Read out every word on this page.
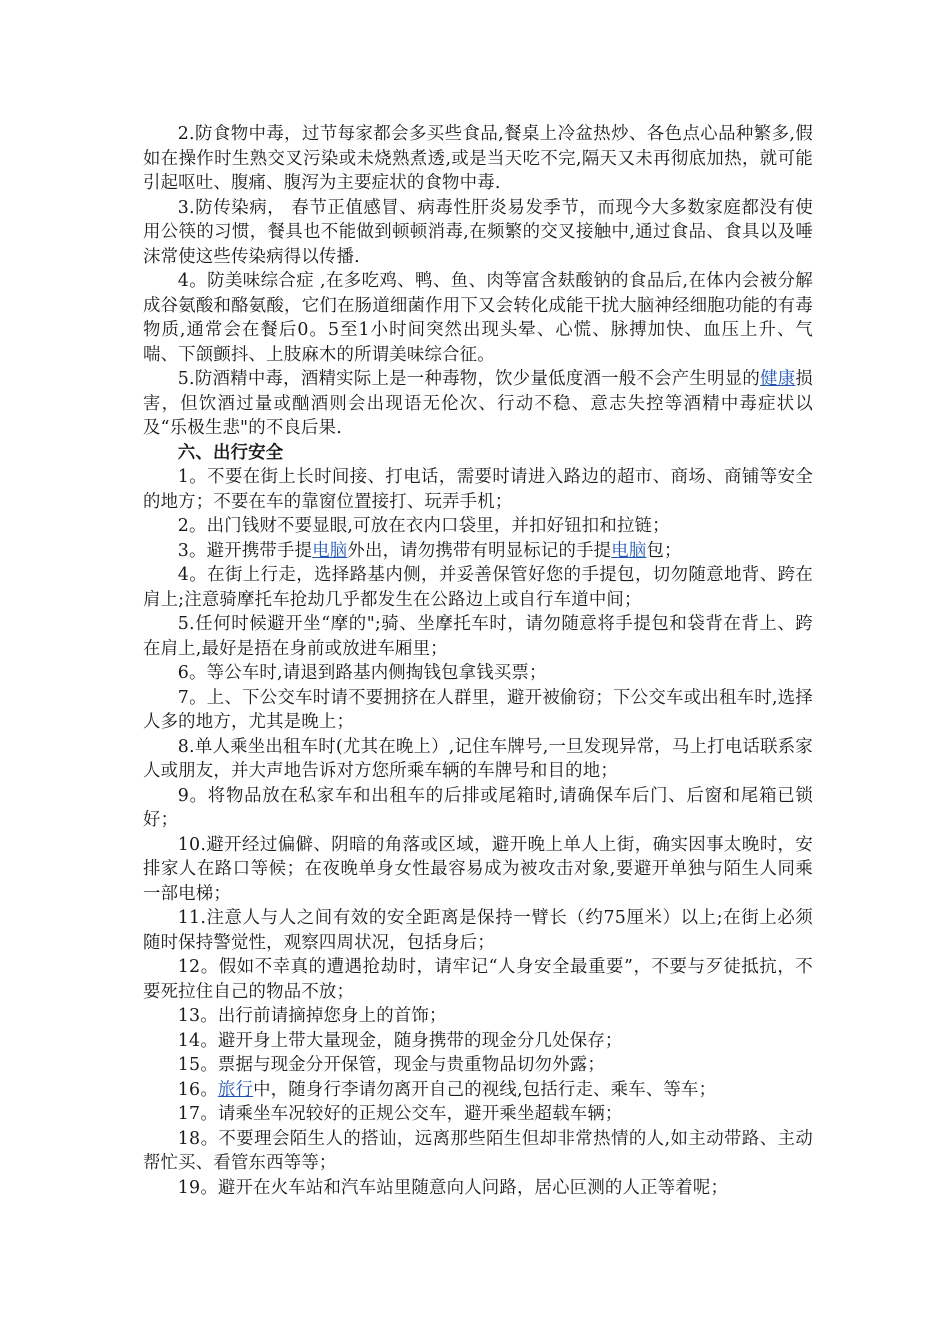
2.防食物中毒，过节每家都会多买些食品,餐桌上冷盆热炒、各色点心品种繁多,假如在操作时生熟交叉污染或未烧熟煮透,或是当天吃不完,隔天又未再彻底加热，就可能引起呕吐、腹痛、腹泻为主要症状的食物中毒.

3.防传染病， 春节正值感冒、病毒性肝炎易发季节，而现今大多数家庭都没有使用公筷的习惯，餐具也不能做到顿顿消毒,在频繁的交叉接触中,通过食品、食具以及唾沫常使这些传染病得以传播.

4。防美味综合症 ,在多吃鸡、鸭、鱼、肉等富含麸酸钠的食品后,在体内会被分解成谷氨酸和酪氨酸，它们在肠道细菌作用下又会转化成能干扰大脑神经细胞功能的有毒物质,通常会在餐后0。5至1小时间突然出现头晕、心慌、脉搏加快、血压上升、气喘、下颌颤抖、上肢麻木的所谓美味综合征。

5.防酒精中毒，酒精实际上是一种毒物，饮少量低度酒一般不会产生明显的健康损害，但饮酒过量或酗酒则会出现语无伦次、行动不稳、意志失控等酒精中毒症状以及“乐极生悲"的不良后果.

六、出行安全

1。不要在街上长时间接、打电话，需要时请进入路边的超市、商场、商铺等安全的地方；不要在车的靠窗位置接打、玩弄手机；

2。出门钱财不要显眼,可放在衣内口袋里，并扣好钮扣和拉链；

3。避开携带手提电脑外出，请勿携带有明显标记的手提电脑包；

4。在街上行走，选择路基内侧，并妥善保管好您的手提包，切勿随意地背、跨在肩上;注意骑摩托车抢劫几乎都发生在公路边上或自行车道中间；

5.任何时候避开坐“摩的";骑、坐摩托车时，请勿随意将手提包和袋背在背上、跨在肩上,最好是捂在身前或放进车厢里；

6。等公车时,请退到路基内侧掏钱包拿钱买票；

7。上、下公交车时请不要拥挤在人群里，避开被偷窃；下公交车或出租车时,选择人多的地方，尤其是晚上；

8.单人乘坐出租车时(尤其在晚上）,记住车牌号,一旦发现异常，马上打电话联系家人或朋友，并大声地告诉对方您所乘车辆的车牌号和目的地；

9。将物品放在私家车和出租车的后排或尾箱时,请确保车后门、后窗和尾箱已锁好；

10.避开经过偏僻、阴暗的角落或区域，避开晚上单人上街，确实因事太晚时，安排家人在路口等候；在夜晚单身女性最容易成为被攻击对象,要避开单独与陌生人同乘一部电梯；

11.注意人与人之间有效的安全距离是保持一臂长（约75厘米）以上;在街上必须随时保持警觉性，观察四周状况，包括身后；

12。假如不幸真的遭遇抢劫时，请牢记“人身安全最重要”，不要与歹徒抵抗，不要死拉住自己的物品不放；

13。出行前请摘掉您身上的首饰；

14。避开身上带大量现金，随身携带的现金分几处保存；

15。票据与现金分开保管，现金与贵重物品切勿外露；

16。旅行中，随身行李请勿离开自己的视线,包括行走、乘车、等车；

17。请乘坐车况较好的正规公交车，避开乘坐超载车辆；

18。不要理会陌生人的搭讪，远离那些陌生但却非常热情的人,如主动带路、主动帮忙买、看管东西等等；

19。避开在火车站和汽车站里随意向人问路，居心叵测的人正等着呢；
